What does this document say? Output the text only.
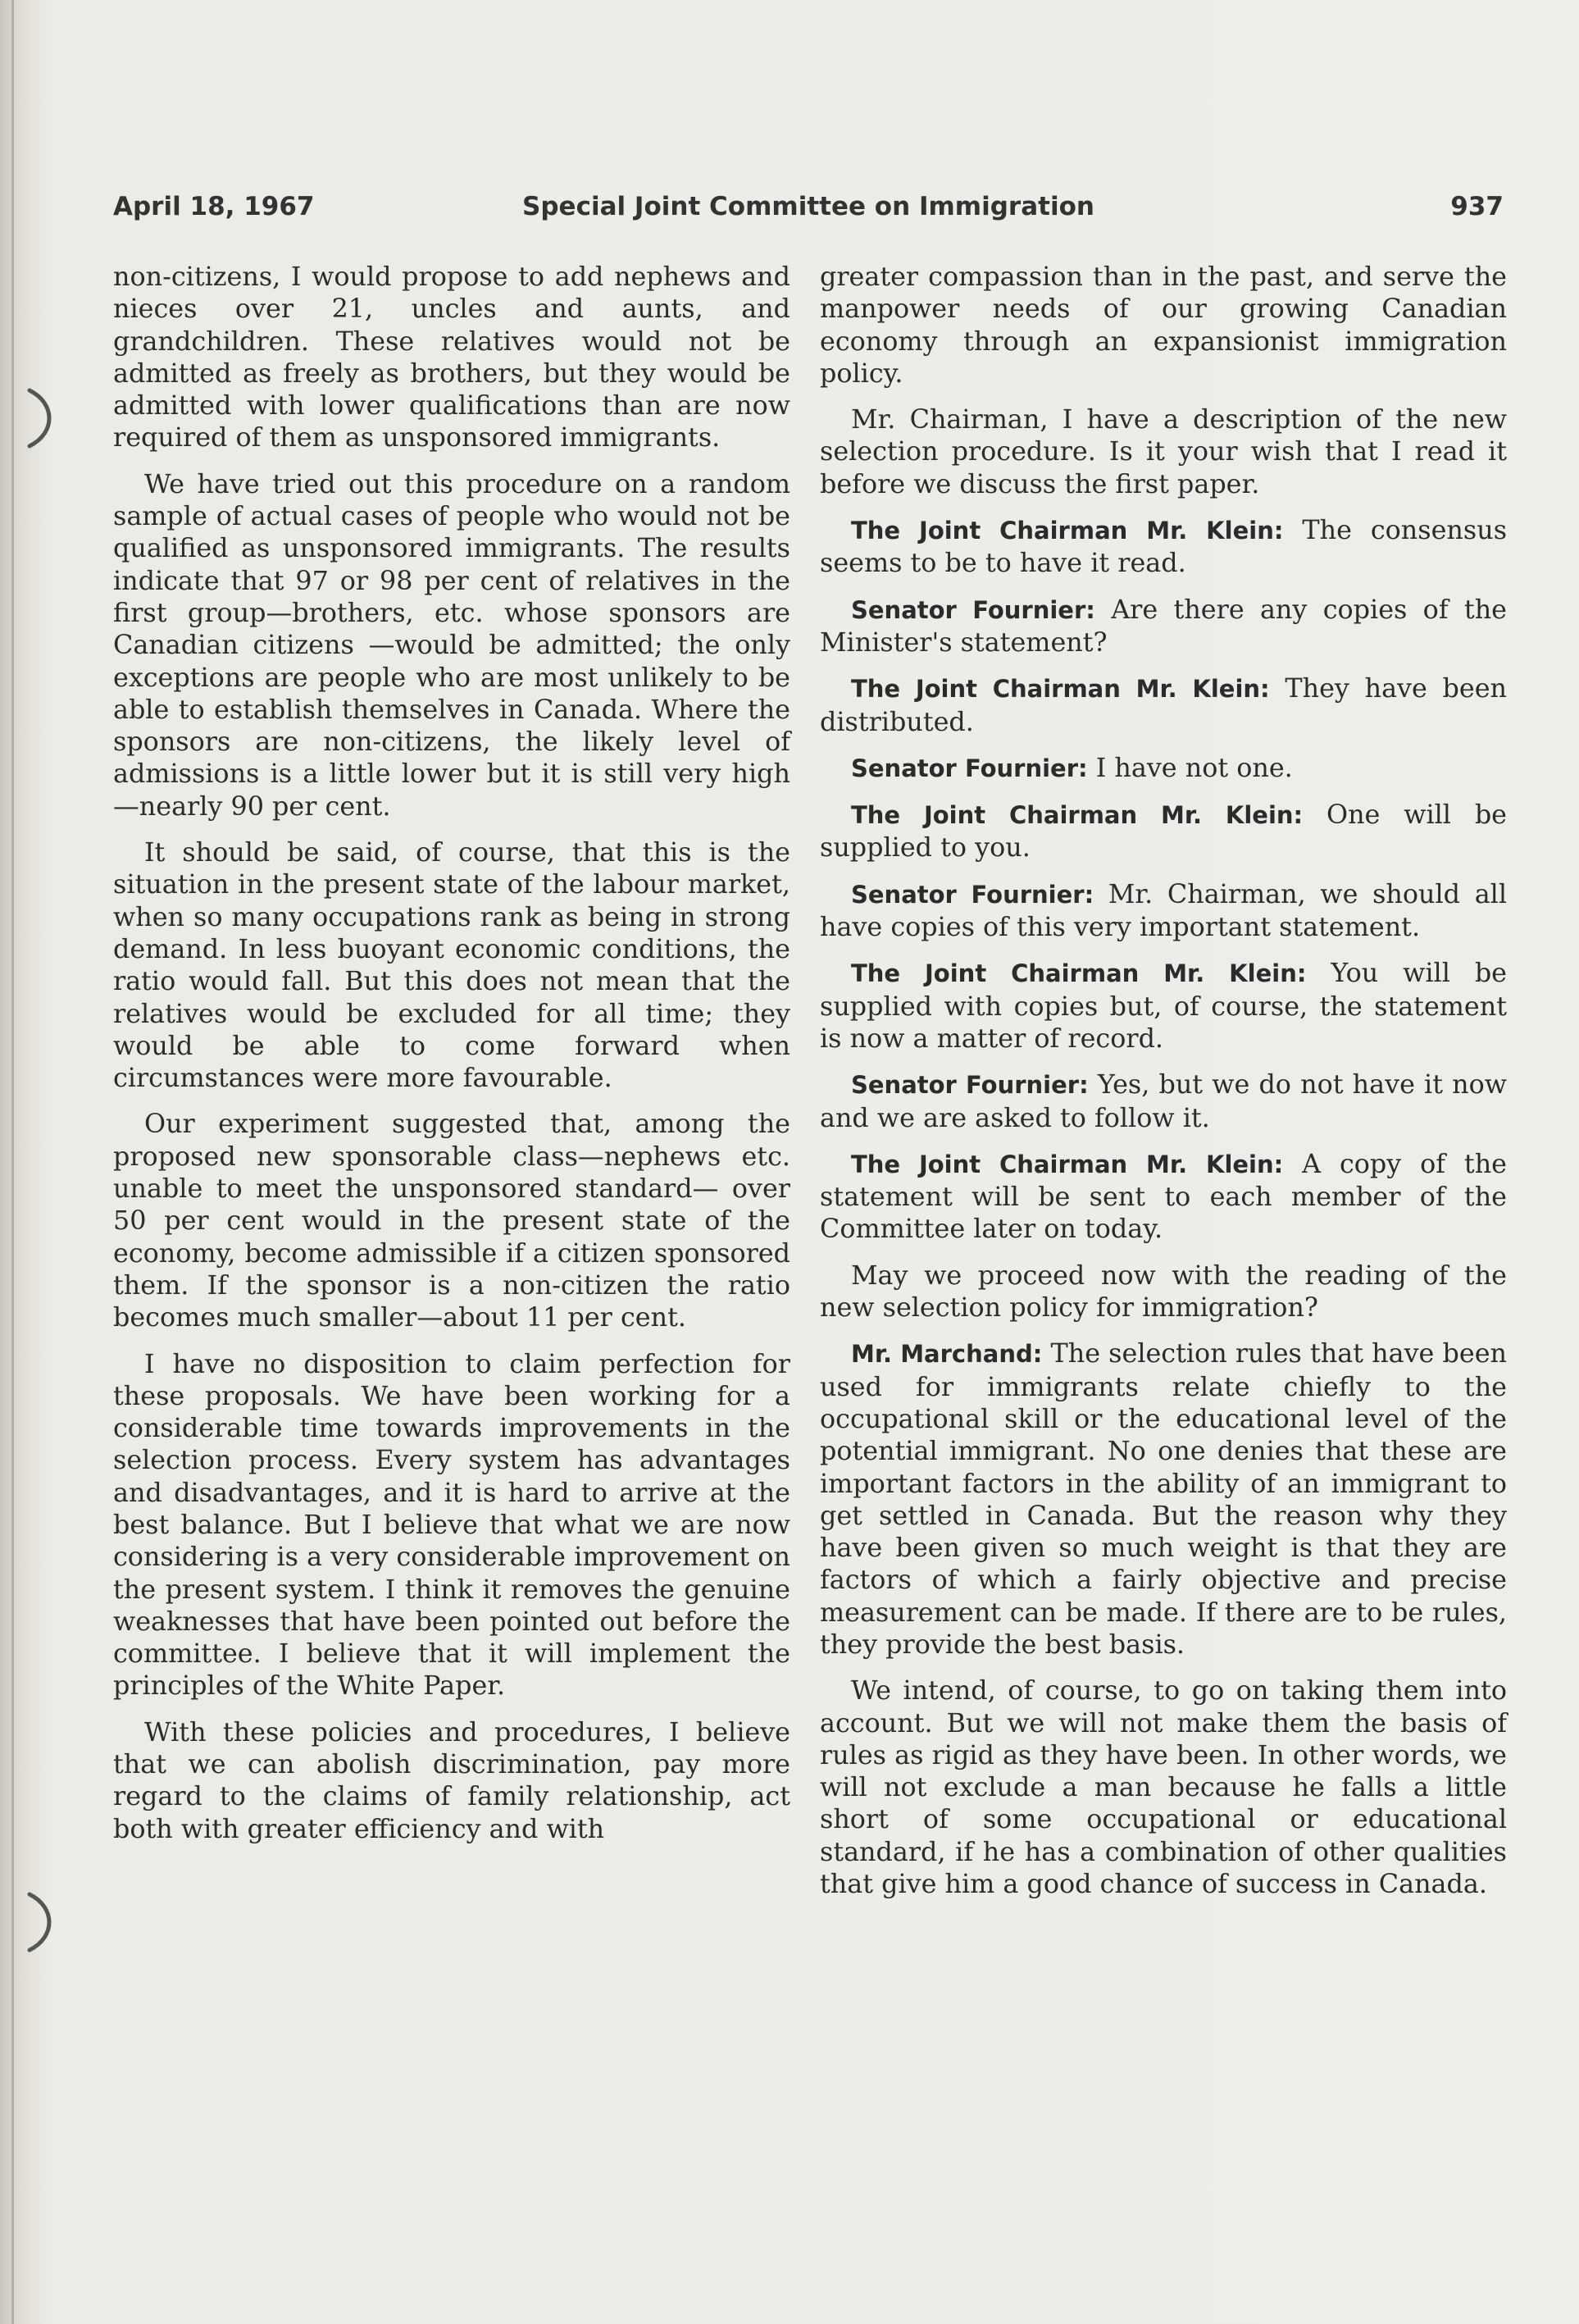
April 18, 1967	Special Joint Committee on Immigration	937

non-citizens, I would propose to add nephews and nieces over 21, uncles and aunts, and grandchildren. These relatives would not be admitted as freely as brothers, but they would be admitted with lower qualifications than are now required of them as unsponsored immigrants.

We have tried out this procedure on a random sample of actual cases of people who would not be qualified as unsponsored immigrants. The results indicate that 97 or 98 per cent of relatives in the first group—brothers, etc. whose sponsors are Canadian citizens —would be admitted; the only exceptions are people who are most unlikely to be able to establish themselves in Canada. Where the sponsors are non-citizens, the likely level of admissions is a little lower but it is still very high—nearly 90 per cent.

It should be said, of course, that this is the situation in the present state of the labour market, when so many occupations rank as being in strong demand. In less buoyant economic conditions, the ratio would fall. But this does not mean that the relatives would be excluded for all time; they would be able to come forward when circumstances were more favourable.

Our experiment suggested that, among the proposed new sponsorable class—nephews etc. unable to meet the unsponsored standard— over 50 per cent would in the present state of the economy, become admissible if a citizen sponsored them. If the sponsor is a non-citizen the ratio becomes much smaller—about 11 per cent.

I have no disposition to claim perfection for these proposals. We have been working for a considerable time towards improvements in the selection process. Every system has advantages and disadvantages, and it is hard to arrive at the best balance. But I believe that what we are now considering is a very considerable improvement on the present system. I think it removes the genuine weaknesses that have been pointed out before the committee. I believe that it will implement the principles of the White Paper.

With these policies and procedures, I believe that we can abolish discrimination, pay more regard to the claims of family relationship, act both with greater efficiency and with

greater compassion than in the past, and serve the manpower needs of our growing Canadian economy through an expansionist immigration policy.

Mr. Chairman, I have a description of the new selection procedure. Is it your wish that I read it before we discuss the first paper.

The Joint Chairman Mr. Klein: The consensus seems to be to have it read.

Senator Fournier: Are there any copies of the Minister's statement?

The Joint Chairman Mr. Klein: They have been distributed.

Senator Fournier: I have not one.

The Joint Chairman Mr. Klein: One will be supplied to you.

Senator Fournier: Mr. Chairman, we should all have copies of this very important statement.

The Joint Chairman Mr. Klein: You will be supplied with copies but, of course, the statement is now a matter of record.

Senator Fournier: Yes, but we do not have it now and we are asked to follow it.

The Joint Chairman Mr. Klein: A copy of the statement will be sent to each member of the Committee later on today.

May we proceed now with the reading of the new selection policy for immigration?

Mr. Marchand: The selection rules that have been used for immigrants relate chiefly to the occupational skill or the educational level of the potential immigrant. No one denies that these are important factors in the ability of an immigrant to get settled in Canada. But the reason why they have been given so much weight is that they are factors of which a fairly objective and precise measurement can be made. If there are to be rules, they provide the best basis.

We intend, of course, to go on taking them into account. But we will not make them the basis of rules as rigid as they have been. In other words, we will not exclude a man because he falls a little short of some occupational or educational standard, if he has a combination of other qualities that give him a good chance of success in Canada.
